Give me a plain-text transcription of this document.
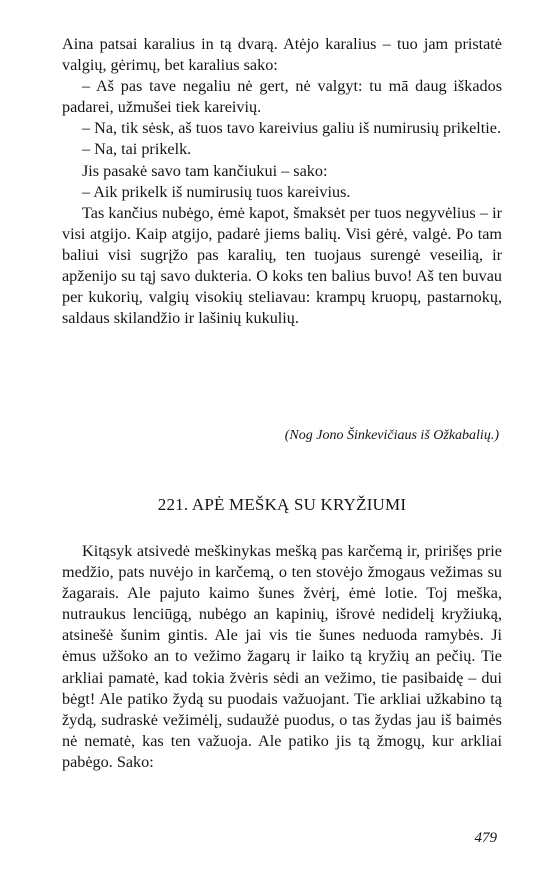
Aina patsai karalius in tą dvarą. Atėjo karalius – tuo jam pristatė valgių, gėrimų, bet karalius sako:

– Aš pas tave negaliu nė gert, nė valgyt: tu mā daug iškados padarei, užmušei tiek kareivių.

– Na, tik sėsk, aš tuos tavo kareivius galiu iš numirusių prikeltie.

– Na, tai prikelk.

Jis pasakė savo tam kančiukui – sako:

– Aik prikelk iš numirusių tuos kareivius.

Tas kančius nubėgo, ėmė kapot, šmaksėt per tuos negyvėlius – ir visi atgijo. Kaip atgijo, padarė jiems balių. Visi gėrė, valgė. Po tam baliui visi sugrįžo pas karalių, ten tuojaus surengė veseilią, ir apženijo su tąj savo dukteria. O koks ten balius buvo! Aš ten buvau per kukorių, valgių visokių steliavau: krampų kruopų, pastarnokų, saldaus skilandžio ir lašinių kukulių.

(Nog Jono Šinkevičiaus iš Ožkabalių.)
221. APĖ MEŠKĄ SU KRYŽIUMI

Kitąsyk atsivedė meškinykas mešką pas karčemą ir, pririšęs prie medžio, pats nuvėjo in karčemą, o ten stovėjo žmogaus vežimas su žagarais. Ale pajuto kaimo šunes žvėrį, ėmė lotie. Toj meška, nutraukus lenciūgą, nubėgo an kapinių, išrovė nedidelį kryžiuką, atsinešė šunim gintis. Ale jai vis tie šunes neduoda ramybės. Ji ėmus užšoko an to vežimo žagarų ir laiko tą kryžių an pečių. Tie arkliai pamatė, kad tokia žvėris sėdi an vežimo, tie pasibaidę – dui bėgt! Ale patiko žydą su puodais važuojant. Tie arkliai užkabino tą žydą, sudraskė vežimėlį, sudaužė puodus, o tas žydas jau iš baimės nė nematė, kas ten važuoja. Ale patiko jis tą žmogų, kur arkliai pabėgo. Sako:

479
